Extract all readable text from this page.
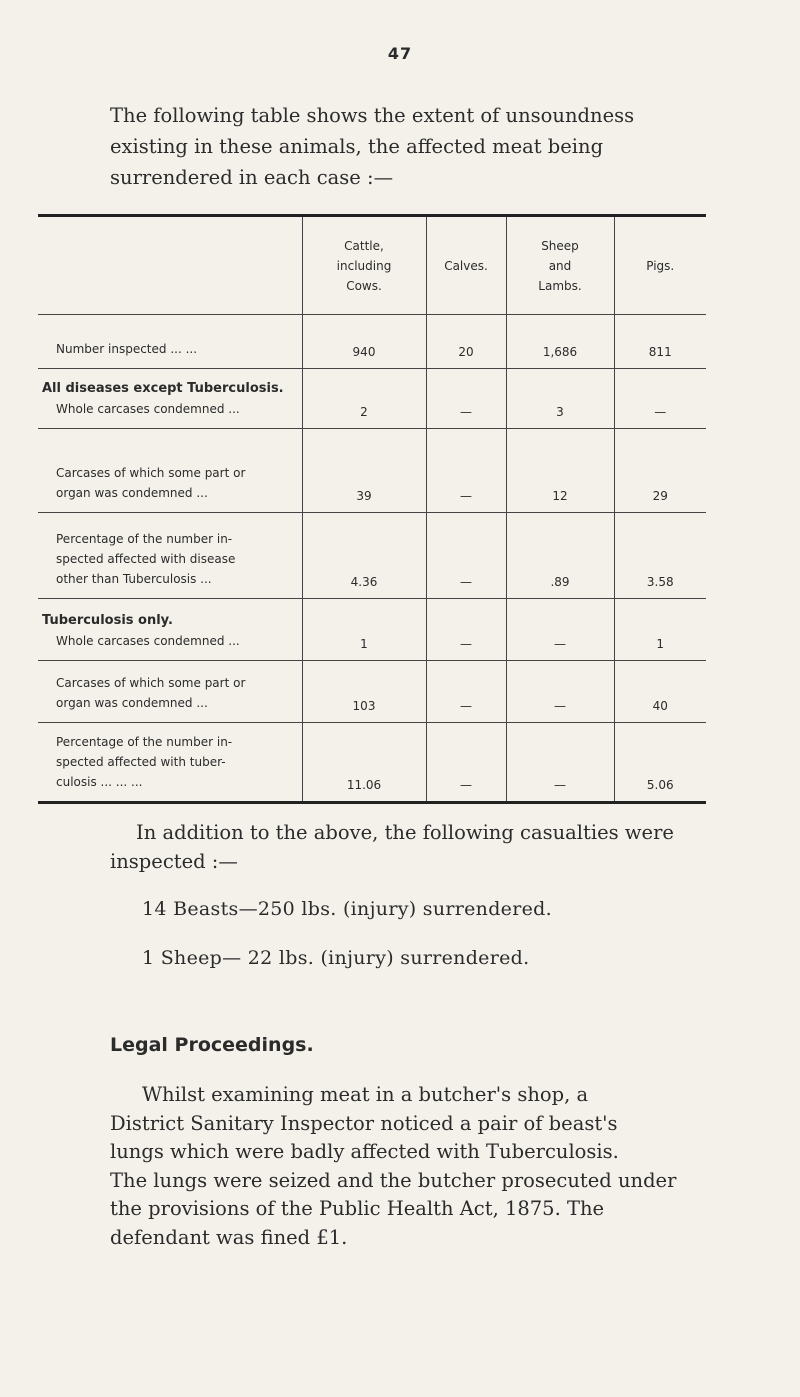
47

The following table shows the extent of unsoundness
existing in these animals, the affected meat being
surrendered in each case :—

	Cattle,
including
Cows.	Calves.	Sheep
and
Lambs.	Pigs.

Number inspected ... ...	940	20	1,686	811

All diseases except Tuberculosis.
Whole carcases condemned ...	2	—	3	—

Carcases of which some part or
organ was condemned ...	39	—	12	29

Percentage of the number in-
spected affected with disease
other than Tuberculosis ...	4.36	—	.89	3.58

Tuberculosis only.
Whole carcases condemned ...	1	—	—	1

Carcases of which some part or
organ was condemned ...	103	—	—	40

Percentage of the number in-
spected affected with tuber-
culosis ... ... ...	11.06	—	—	5.06

In addition to the above, the following casualties were inspected :—

14 Beasts—250 lbs. (injury) surrendered.
1 Sheep— 22 lbs. (injury) surrendered.
Legal Proceedings.

Whilst examining meat in a butcher's shop, a
District Sanitary Inspector noticed a pair of beast's
lungs which were badly affected with Tuberculosis.
The lungs were seized and the butcher prosecuted under
the provisions of the Public Health Act, 1875. The
defendant was fined £1.
